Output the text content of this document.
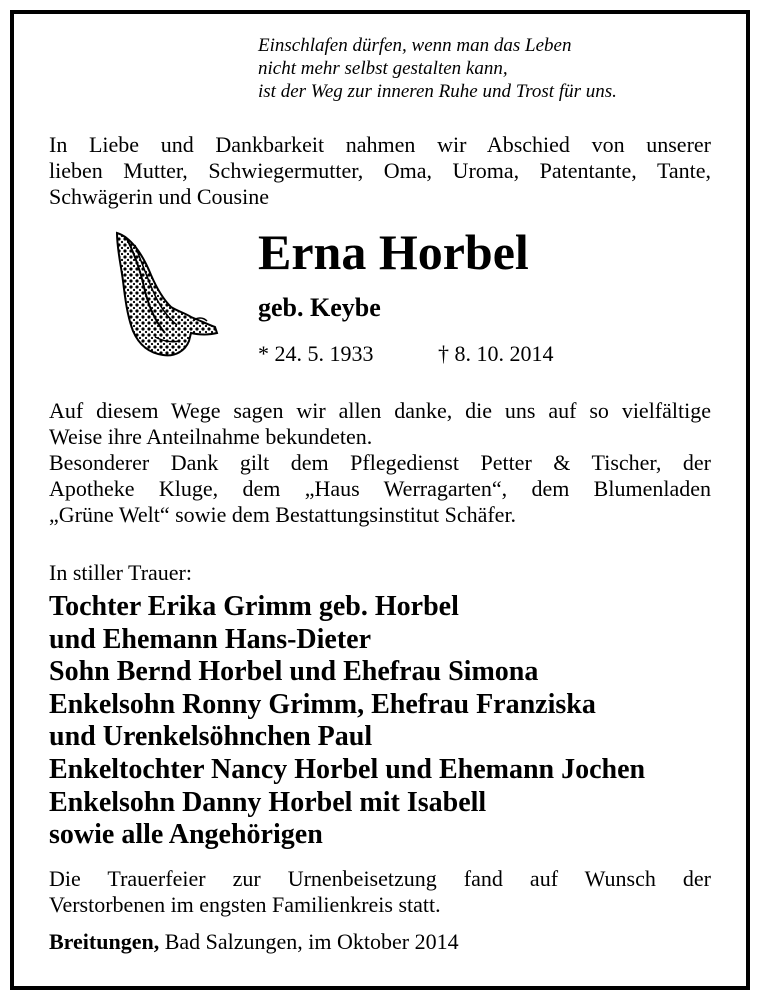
Einschlafen dürfen, wenn man das Leben
nicht mehr selbst gestalten kann,
ist der Weg zur inneren Ruhe und Trost für uns.
In Liebe und Dankbarkeit nahmen wir Abschied von unserer
lieben Mutter, Schwiegermutter, Oma, Uroma, Patentante, Tante,
Schwägerin und Cousine
Erna Horbel
geb. Keybe
* 24. 5. 1933	† 8. 10. 2014
Auf diesem Wege sagen wir allen danke, die uns auf so vielfältige
Weise ihre Anteilnahme bekundeten.
Besonderer Dank gilt dem Pflegedienst Petter & Tischer, der
Apotheke Kluge, dem „Haus Werragarten“, dem Blumenladen
„Grüne Welt“ sowie dem Bestattungsinstitut Schäfer.
In stiller Trauer:
Tochter Erika Grimm geb. Horbel
und Ehemann Hans-Dieter
Sohn Bernd Horbel und Ehefrau Simona
Enkelsohn Ronny Grimm, Ehefrau Franziska
und Urenkelsöhnchen Paul
Enkeltochter Nancy Horbel und Ehemann Jochen
Enkelsohn Danny Horbel mit Isabell
sowie alle Angehörigen
Die Trauerfeier zur Urnenbeisetzung fand auf Wunsch der
Verstorbenen im engsten Familienkreis statt.
Breitungen, Bad Salzungen, im Oktober 2014
